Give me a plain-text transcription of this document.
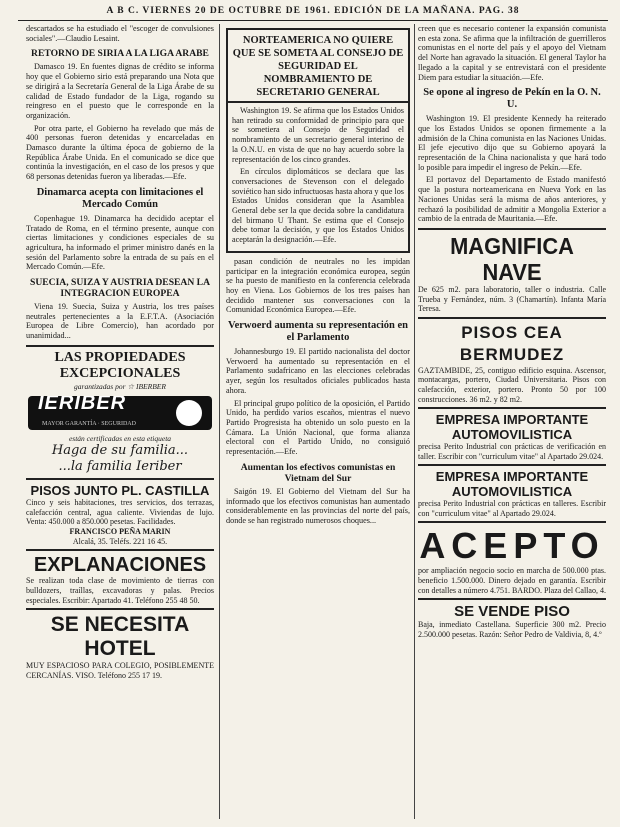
A B C. VIERNES 20 DE OCTUBRE DE 1961. EDICIÓN DE LA MAÑANA. PAG. 38

descartados se ha estudiado el "escoger de convulsiones sociales".—Claudio Lesaint.

RETORNO DE SIRIA A LA LIGA ARABE

Damasco 19. En fuentes dignas de crédito se informa hoy que el Gobierno sirio está preparando una Nota que se dirigirá a la Secretaría General de la Liga Árabe de su calidad de Estado fundador de la Liga, rogando su reingreso en el puesto que le corresponde en la organización.

Por otra parte, el Gobierno ha revelado que más de 400 personas fueron detenidas y encarceladas en Damasco durante la última época de gobierno de la República Árabe Unida. En el comunicado se dice que continúa la investigación, en el caso de los presos y que 68 personas detenidas fueron ya liberadas.—Efe.

Dinamarca acepta con limitaciones el Mercado Común

Copenhague 19. Dinamarca ha decidido aceptar el Tratado de Roma, en el término presente, aunque con ciertas limitaciones y condiciones especiales de su agricultura, ha informado el primer ministro danés en la sesión del Parlamento sobre la entrada de su país en el Mercado Común.—Efe.

SUECIA, SUIZA Y AUSTRIA DESEAN LA INTEGRACION EUROPEA

Viena 19. Suecia, Suiza y Austria, los tres países neutrales pertenecientes a la E.F.T.A. (Asociación Europea de Libre Comercio), han acordado por unanimidad...

LAS PROPIEDADES EXCEPCIONALES
garantizadas por ☆ IBERBER
IERIBER
MAYOR GARANTÍA · SEGURIDAD
están certificadas en esta etiqueta
Haga de su familia...
...la familia Ieriber
PISOS JUNTO PL. CASTILLA
Cinco y seis habitaciones, tres servicios, dos terrazas, calefacción central, agua caliente. Viviendas de lujo. Venta: 450.000 a 850.000 pesetas. Facilidades.
FRANCISCO PEÑA MARIN
Alcalá, 35. Teléfs. 221 16 45.
EXPLANACIONES
Se realizan toda clase de movimiento de tierras con bulldozers, traíllas, excavadoras y palas. Precios especiales. Escribir: Apartado 41. Teléfono 255 48 50.
SE NECESITA HOTEL
MUY ESPACIOSO PARA COLEGIO, POSIBLEMENTE CERCANÍAS. VISO. Teléfono 255 17 19.
NORTEAMERICA NO QUIERE QUE SE SOMETA AL CONSEJO DE SEGURIDAD EL NOMBRAMIENTO DE SECRETARIO GENERAL

Washington 19. Se afirma que los Estados Unidos han retirado su conformidad de principio para que se sometiera al Consejo de Seguridad el nombramiento de un secretario general interino de la O.N.U. en vista de que no hay acuerdo sobre la representación de los cinco grandes.

En círculos diplomáticos se declara que las conversaciones de Stevenson con el delegado soviético han sido infructuosas hasta ahora y que los Estados Unidos consideran que la Asamblea General debe ser la que decida sobre la candidatura del birmano U Thant. Se estima que el Consejo debe tomar la decisión, y que los Estados Unidos aceptarán la designación.—Efe.

pasan condición de neutrales no les impidan participar en la integración económica europea, según se ha puesto de manifiesto en la conferencia celebrada hoy en Viena. Los Gobiernos de los tres países han decidido mantener sus conversaciones con la Comunidad Económica Europea.—Efe.

Verwoerd aumenta su representación en el Parlamento

Johannesburgo 19. El partido nacionalista del doctor Verwoerd ha aumentado su representación en el Parlamento sudafricano en las elecciones celebradas ayer, según los resultados oficiales publicados hasta ahora.

El principal grupo político de la oposición, el Partido Unido, ha perdido varios escaños, mientras el nuevo Partido Progresista ha obtenido un solo puesto en la Cámara. La Unión Nacional, que forma alianza electoral con el Partido Unido, no consiguió representación.—Efe.

Aumentan los efectivos comunistas en Vietnam del Sur

Saigón 19. El Gobierno del Vietnam del Sur ha informado que los efectivos comunistas han aumentado considerablemente en las provincias del norte del país, donde se han registrado numerosos choques...

creen que es necesario contener la expansión comunista en esta zona. Se afirma que la infiltración de guerrilleros comunistas en el norte del país y el apoyo del Vietnam del Norte han agravado la situación. El general Taylor ha llegado a la capital y se entrevistará con el presidente Diem para estudiar la situación.—Efe.

Se opone al ingreso de Pekín en la O. N. U.

Washington 19. El presidente Kennedy ha reiterado que los Estados Unidos se oponen firmemente a la admisión de la China comunista en las Naciones Unidas. El jefe ejecutivo dijo que su Gobierno apoyará la representación de la China nacionalista y que hará todo lo posible para impedir el ingreso de Pekín.—Efe.

El portavoz del Departamento de Estado manifestó que la postura norteamericana en Nueva York en las Naciones Unidas será la misma de años anteriores, y rechazó la posibilidad de admitir a Mongolia Exterior a cambio de la entrada de Mauritania.—Efe.

MAGNIFICA NAVE
De 625 m2. para laboratorio, taller o industria. Calle Trueba y Fernández, núm. 3 (Chamartín). Infanta María Teresa.
PISOS CEA BERMUDEZ
GAZTAMBIDE, 25, contiguo edificio esquina. Ascensor, montacargas, portero, Ciudad Universitaria. Pisos con calefacción, exterior, portero. Pronto 50 por 100 construcciones. 36 m2. y 82 m2.
EMPRESA IMPORTANTE AUTOMOVILISTICA
precisa Perito Industrial con prácticas de verificación en taller. Escribir con "curriculum vitae" al Apartado 29.024.
EMPRESA IMPORTANTE AUTOMOVILISTICA
precisa Perito Industrial con prácticas en talleres. Escribir con "curriculum vitae" al Apartado 29.024.
ACEPTO
por ampliación negocio socio en marcha de 500.000 ptas. beneficio 1.500.000. Dinero dejado en garantía. Escribir con detalles a número 4.751. BARDO. Plaza del Callao, 4.
SE VENDE PISO
Baja, inmediato Castellana. Superficie 300 m2. Precio 2.500.000 pesetas. Razón: Señor Pedro de Valdivia, 8, 4.º
